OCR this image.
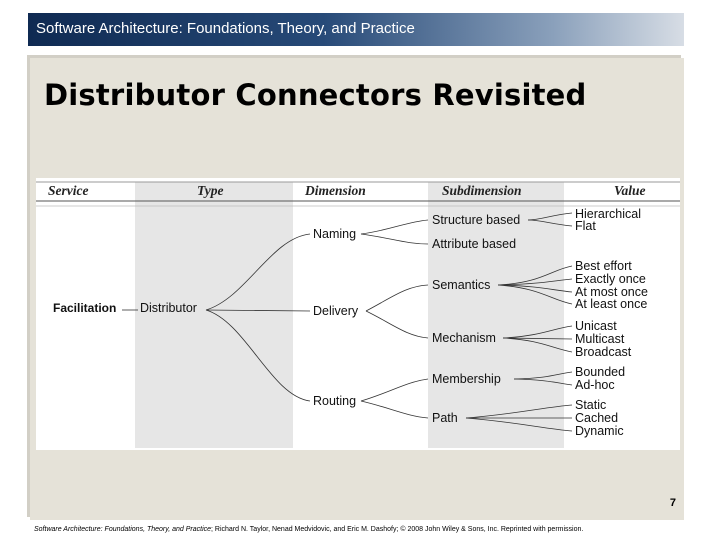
Software Architecture: Foundations, Theory, and Practice
Distributor Connectors Revisited
Service	Type	Dimension	Subdimension	Value
Facilitation Distributor
Naming
Delivery
Routing
Structure based
Attribute based
Semantics
Mechanism
Membership
Path
Hierarchical
Flat
Best effort
Exactly once
At most once
At least once
Unicast
Multicast
Broadcast
Bounded
Ad-hoc
Static
Cached
Dynamic
7
Software Architecture: Foundations, Theory, and Practice; Richard N. Taylor, Nenad Medvidovic, and Eric M. Dashofy; © 2008 John Wiley & Sons, Inc. Reprinted with permission.
